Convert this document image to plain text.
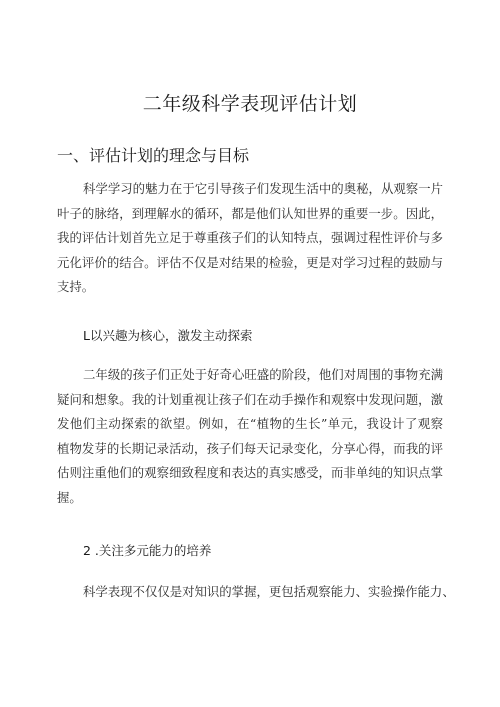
二年级科学表现评估计划
一、评估计划的理念与目标
科学学习的魅力在于它引导孩子们发现生活中的奥秘，从观察一片
叶子的脉络，到理解水的循环，都是他们认知世界的重要一步。因此，
我的评估计划首先立足于尊重孩子们的认知特点，强调过程性评价与多
元化评价的结合。评估不仅是对结果的检验，更是对学习过程的鼓励与
支持。
L以兴趣为核心，激发主动探索
二年级的孩子们正处于好奇心旺盛的阶段，他们对周围的事物充满
疑问和想象。我的计划重视让孩子们在动手操作和观察中发现问题，激
发他们主动探索的欲望。例如，在“植物的生长”单元，我设计了观察
植物发芽的长期记录活动，孩子们每天记录变化，分享心得，而我的评
估则注重他们的观察细致程度和表达的真实感受，而非单纯的知识点掌
握。
2 .关注多元能力的培养
科学表现不仅仅是对知识的掌握，更包括观察能力、实验操作能力、
